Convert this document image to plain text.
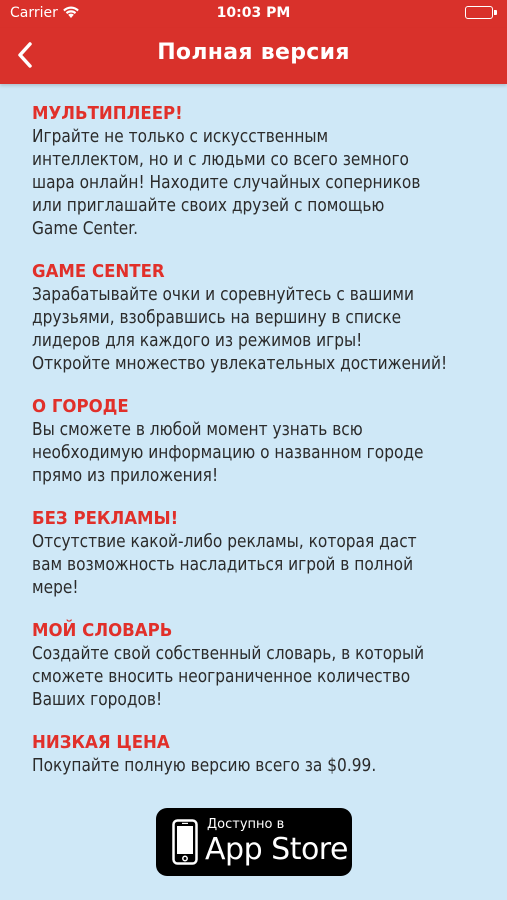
Carrier	10:03 PM
Полная версия
МУЛЬТИПЛЕЕР!

Играйте не только с искусственным
интеллектом, но и с людьми со всего земного
шара онлайн! Находите случайных соперников
или приглашайте своих друзей с помощью
Game Center.

GAME CENTER

Зарабатывайте очки и соревнуйтесь с вашими
друзьями, взобравшись на вершину в списке
лидеров для каждого из режимов игры!
Откройте множество увлекательных достижений!

О ГОРОДЕ

Вы сможете в любой момент узнать всю
необходимую информацию о названном городе
прямо из приложения!

БЕЗ РЕКЛАМЫ!

Отсутствие какой-либо рекламы, которая даст
вам возможность насладиться игрой в полной
мере!

МОЙ СЛОВАРЬ

Создайте свой собственный словарь, в который
сможете вносить неограниченное количество
Ваших городов!

НИЗКАЯ ЦЕНА

Покупайте полную версию всего за $0.99.

Доступно в
App Store
